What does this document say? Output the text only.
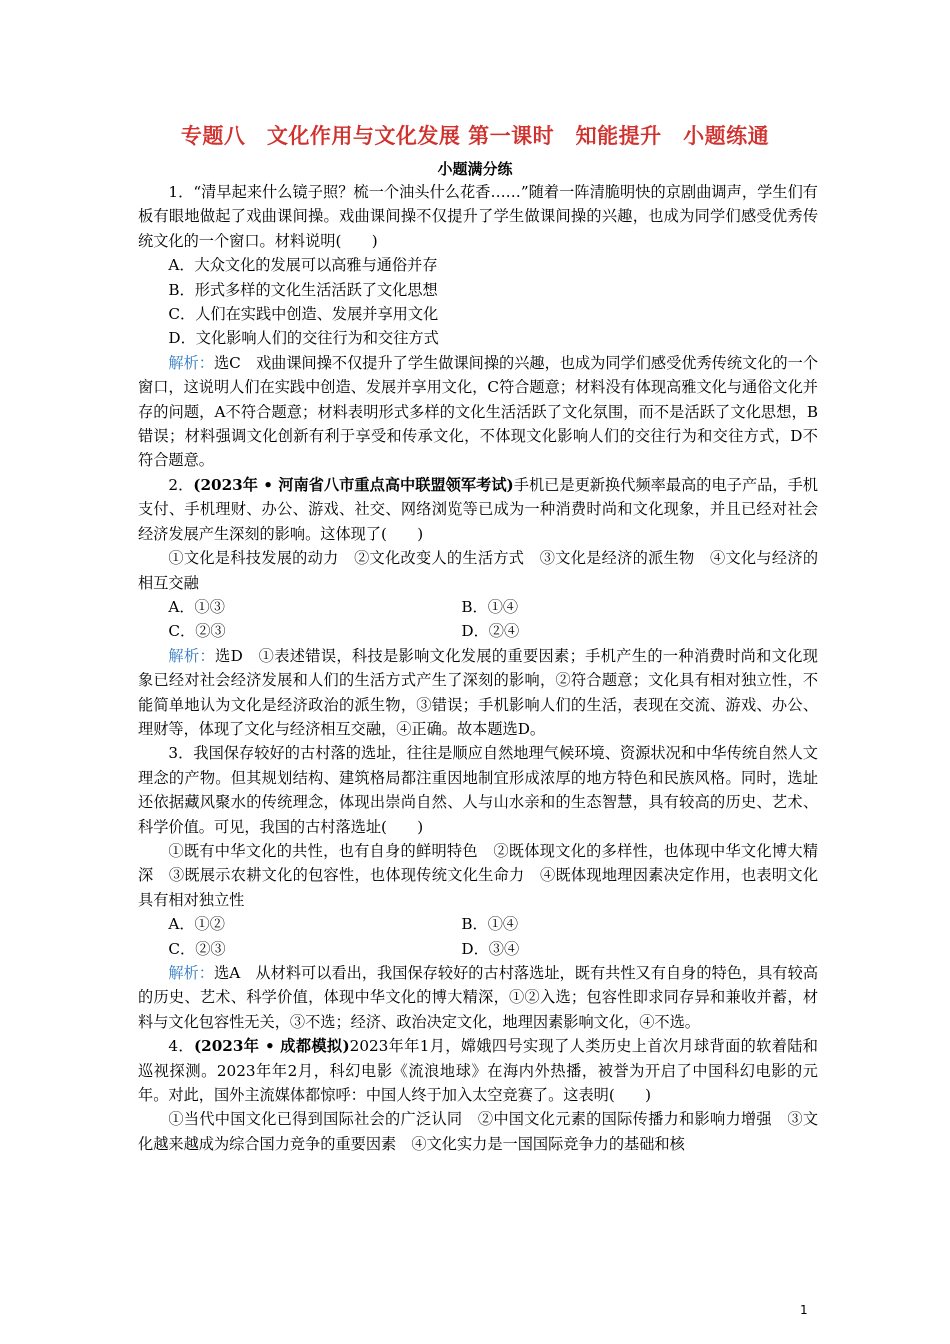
专题八　文化作用与文化发展 第一课时　知能提升　小题练通
小题满分练

1．“清早起来什么镜子照？梳一个油头什么花香……”随着一阵清脆明快的京剧曲调声，学生们有板有眼地做起了戏曲课间操。戏曲课间操不仅提升了学生做课间操的兴趣，也成为同学们感受优秀传统文化的一个窗口。材料说明(　　)

A．大众文化的发展可以高雅与通俗并存

B．形式多样的文化生活活跃了文化思想

C．人们在实践中创造、发展并享用文化

D．文化影响人们的交往行为和交往方式

解析：选C　戏曲课间操不仅提升了学生做课间操的兴趣，也成为同学们感受优秀传统文化的一个窗口，这说明人们在实践中创造、发展并享用文化，C符合题意；材料没有体现高雅文化与通俗文化并存的问题，A不符合题意；材料表明形式多样的文化生活活跃了文化氛围，而不是活跃了文化思想，B错误；材料强调文化创新有利于享受和传承文化，不体现文化影响人们的交往行为和交往方式，D不符合题意。

2．(2023年 • 河南省八市重点高中联盟领军考试)手机已是更新换代频率最高的电子产品，手机支付、手机理财、办公、游戏、社交、网络浏览等已成为一种消费时尚和文化现象，并且已经对社会经济发展产生深刻的影响。这体现了(　　)

①文化是科技发展的动力　②文化改变人的生活方式　③文化是经济的派生物　④文化与经济的相互交融

A．①③	B．①④
C．②③	D．②④

解析：选D　①表述错误，科技是影响文化发展的重要因素；手机产生的一种消费时尚和文化现象已经对社会经济发展和人们的生活方式产生了深刻的影响，②符合题意；文化具有相对独立性，不能简单地认为文化是经济政治的派生物，③错误；手机影响人们的生活，表现在交流、游戏、办公、理财等，体现了文化与经济相互交融，④正确。故本题选D。

3．我国保存较好的古村落的选址，往往是顺应自然地理气候环境、资源状况和中华传统自然人文理念的产物。但其规划结构、建筑格局都注重因地制宜形成浓厚的地方特色和民族风格。同时，选址还依据藏风聚水的传统理念，体现出崇尚自然、人与山水亲和的生态智慧，具有较高的历史、艺术、科学价值。可见，我国的古村落选址(　　)

①既有中华文化的共性，也有自身的鲜明特色　②既体现文化的多样性，也体现中华文化博大精深　③既展示农耕文化的包容性，也体现传统文化生命力　④既体现地理因素决定作用，也表明文化具有相对独立性

A．①②	B．①④
C．②③	D．③④

解析：选A　从材料可以看出，我国保存较好的古村落选址，既有共性又有自身的特色，具有较高的历史、艺术、科学价值，体现中华文化的博大精深，①②入选；包容性即求同存异和兼收并蓄，材料与文化包容性无关，③不选；经济、政治决定文化，地理因素影响文化，④不选。

4．(2023年 • 成都模拟)2023年年1月，嫦娥四号实现了人类历史上首次月球背面的软着陆和巡视探测。2023年年2月，科幻电影《流浪地球》在海内外热播，被誉为开启了中国科幻电影的元年。对此，国外主流媒体都惊呼：中国人终于加入太空竞赛了。这表明(　　)

①当代中国文化已得到国际社会的广泛认同　②中国文化元素的国际传播力和影响力增强　③文化越来越成为综合国力竞争的重要因素　④文化实力是一国国际竞争力的基础和核

1
